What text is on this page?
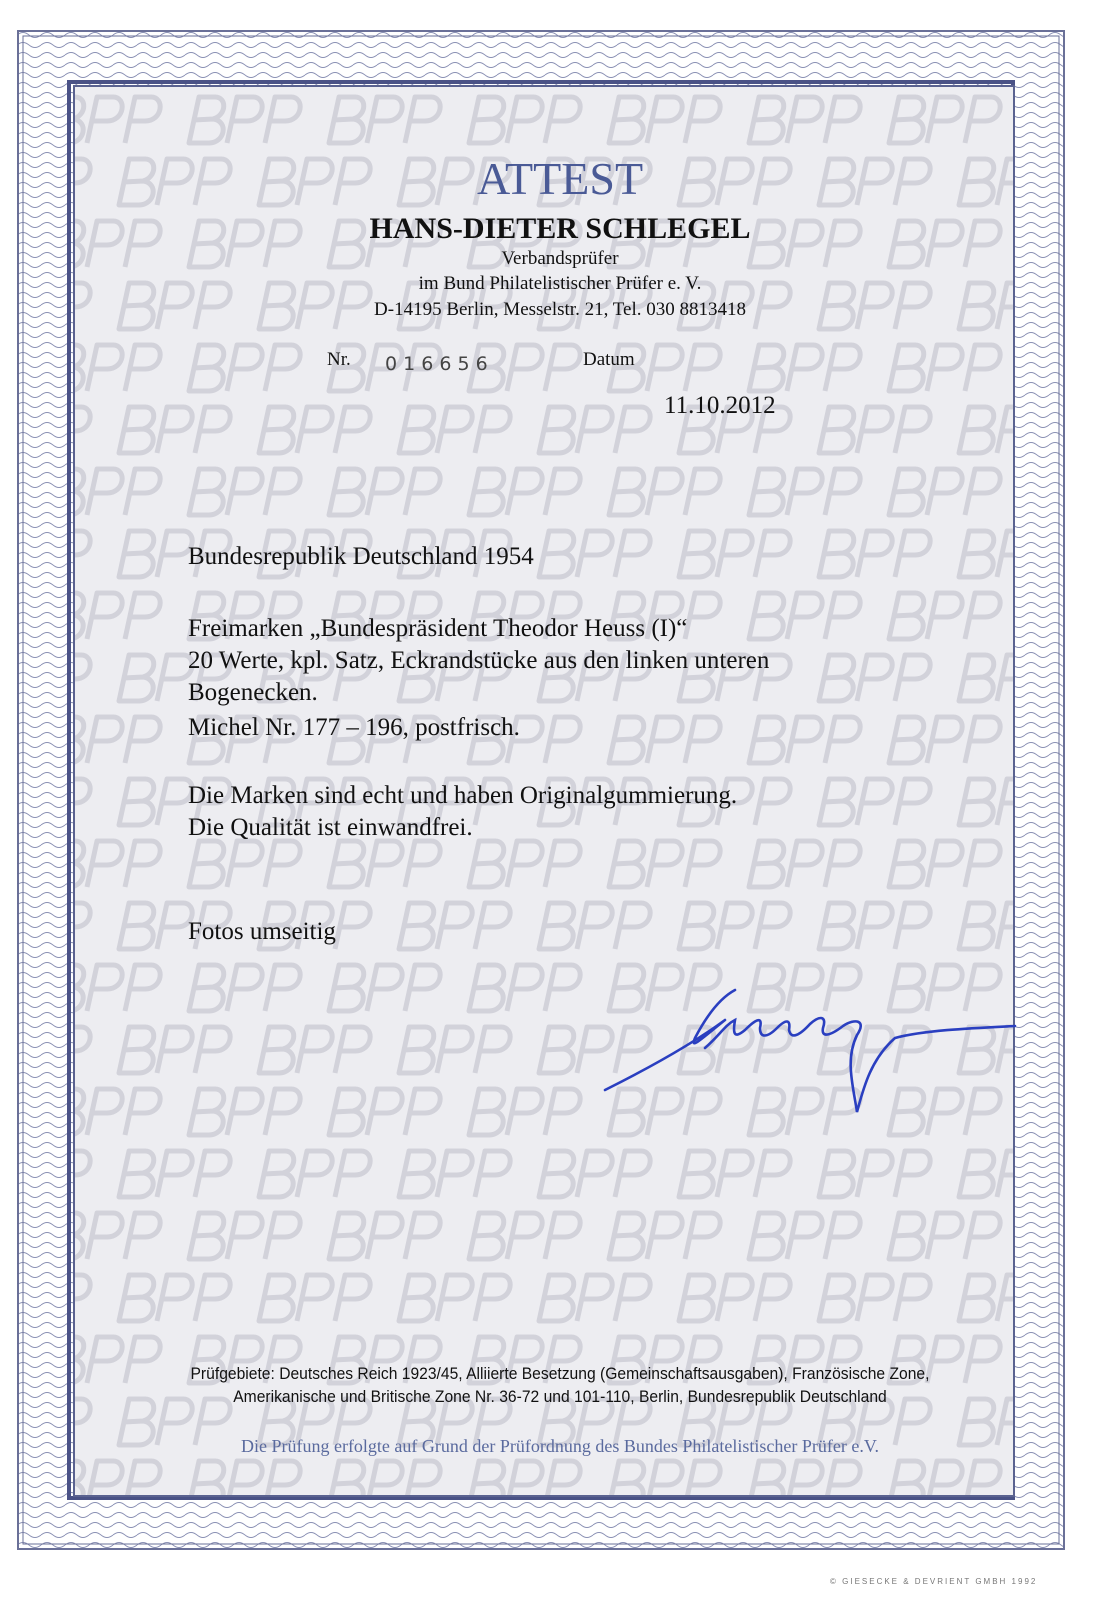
ATTEST
HANS-DIETER SCHLEGEL
Verbandsprüfer
im Bund Philatelistischer Prüfer e. V.
D-14195 Berlin, Messelstr. 21, Tel. 030 8813418
Nr. 0 1 6 6 5 6	Datum
11.10.2012
Bundesrepublik Deutschland 1954
Freimarken „Bundespräsident Theodor Heuss (I)“
20 Werte, kpl. Satz, Eckrandstücke aus den linken unteren
Bogenecken.
Michel Nr. 177 – 196, postfrisch.
Die Marken sind echt und haben Originalgummierung.
Die Qualität ist einwandfrei.
Fotos umseitig
Prüfgebiete: Deutsches Reich 1923/45, Alliierte Besetzung (Gemeinschaftsausgaben), Französische Zone,
Amerikanische und Britische Zone Nr. 36-72 und 101-110, Berlin, Bundesrepublik Deutschland
Die Prüfung erfolgte auf Grund der Prüfordnung des Bundes Philatelistischer Prüfer e.V.
© GIESECKE & DEVRIENT GMBH 1992
